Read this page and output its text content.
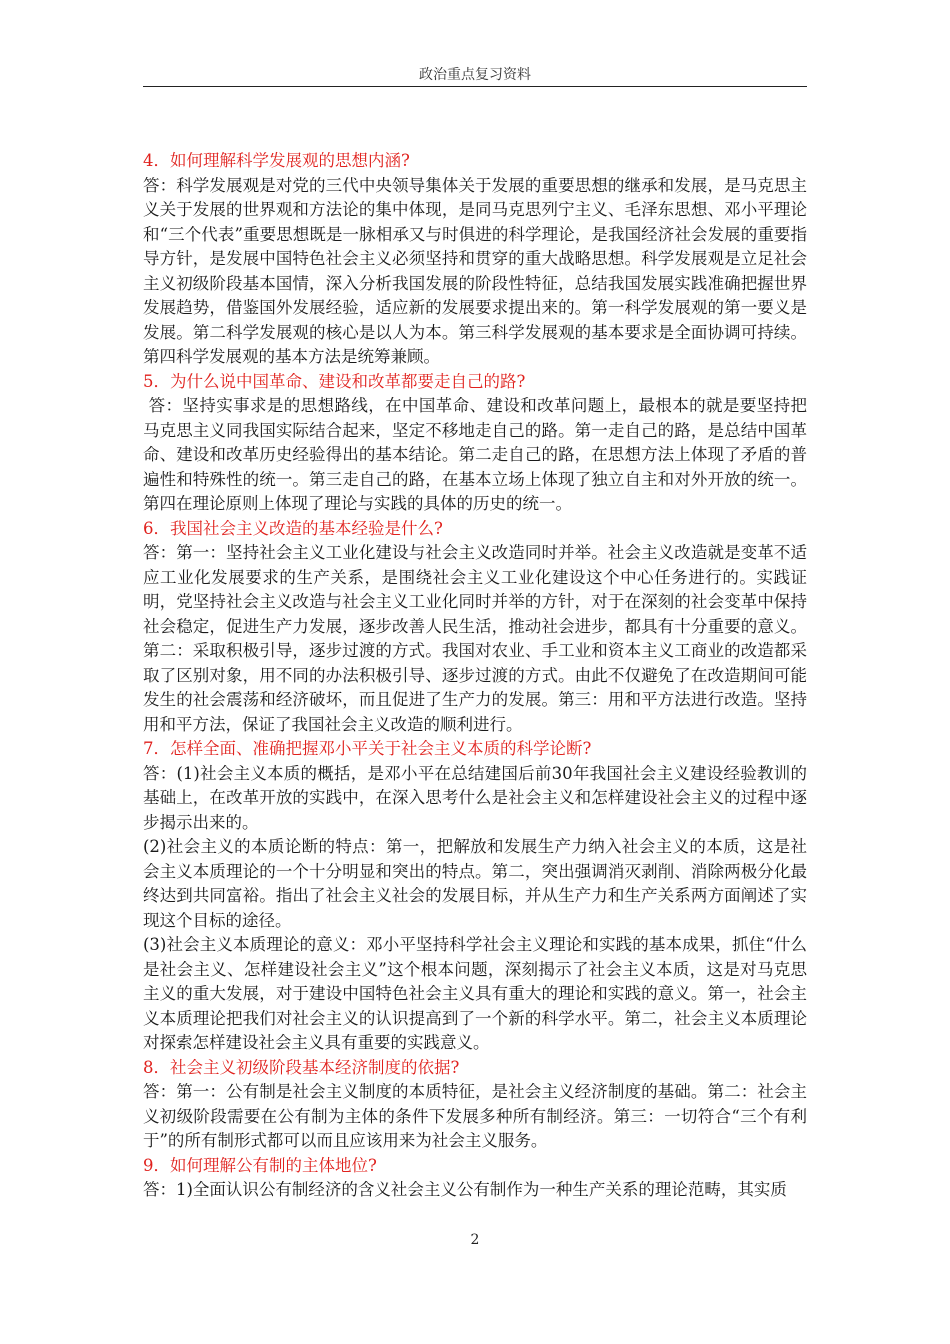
政治重点复习资料

4．如何理解科学发展观的思想内涵?

答：科学发展观是对党的三代中央领导集体关于发展的重要思想的继承和发展，是马克思主义关于发展的世界观和方法论的集中体现，是同马克思列宁主义、毛泽东思想、邓小平理论和“三个代表”重要思想既是一脉相承又与时俱进的科学理论，是我国经济社会发展的重要指导方针，是发展中国特色社会主义必须坚持和贯穿的重大战略思想。科学发展观是立足社会主义初级阶段基本国情，深入分析我国发展的阶段性特征，总结我国发展实践准确把握世界发展趋势，借鉴国外发展经验，适应新的发展要求提出来的。第一科学发展观的第一要义是发展。第二科学发展观的核心是以人为本。第三科学发展观的基本要求是全面协调可持续。第四科学发展观的基本方法是统筹兼顾。

5．为什么说中国革命、建设和改革都要走自己的路?

答：坚持实事求是的思想路线，在中国革命、建设和改革问题上，最根本的就是要坚持把马克思主义同我国实际结合起来，坚定不移地走自己的路。第一走自己的路，是总结中国革命、建设和改革历史经验得出的基本结论。第二走自己的路，在思想方法上体现了矛盾的普遍性和特殊性的统一。第三走自己的路，在基本立场上体现了独立自主和对外开放的统一。第四在理论原则上体现了理论与实践的具体的历史的统一。

6．我国社会主义改造的基本经验是什么?

答：第一：坚持社会主义工业化建设与社会主义改造同时并举。社会主义改造就是变革不适应工业化发展要求的生产关系，是围绕社会主义工业化建设这个中心任务进行的。实践证明，党坚持社会主义改造与社会主义工业化同时并举的方针，对于在深刻的社会变革中保持社会稳定，促进生产力发展，逐步改善人民生活，推动社会进步，都具有十分重要的意义。第二：采取积极引导，逐步过渡的方式。我国对农业、手工业和资本主义工商业的改造都采取了区别对象，用不同的办法积极引导、逐步过渡的方式。由此不仅避免了在改造期间可能发生的社会震荡和经济破坏，而且促进了生产力的发展。第三：用和平方法进行改造。坚持用和平方法，保证了我国社会主义改造的顺利进行。

7．怎样全面、准确把握邓小平关于社会主义本质的科学论断?

答：(1)社会主义本质的概括，是邓小平在总结建国后前30年我国社会主义建设经验教训的基础上，在改革开放的实践中，在深入思考什么是社会主义和怎样建设社会主义的过程中逐步揭示出来的。

(2)社会主义的本质论断的特点：第一，把解放和发展生产力纳入社会主义的本质，这是社会主义本质理论的一个十分明显和突出的特点。第二，突出强调消灭剥削、消除两极分化最终达到共同富裕。指出了社会主义社会的发展目标，并从生产力和生产关系两方面阐述了实现这个目标的途径。

(3)社会主义本质理论的意义：邓小平坚持科学社会主义理论和实践的基本成果，抓住“什么是社会主义、怎样建设社会主义”这个根本问题，深刻揭示了社会主义本质，这是对马克思主义的重大发展，对于建设中国特色社会主义具有重大的理论和实践的意义。第一，社会主义本质理论把我们对社会主义的认识提高到了一个新的科学水平。第二，社会主义本质理论对探索怎样建设社会主义具有重要的实践意义。

8．社会主义初级阶段基本经济制度的依据?

答：第一：公有制是社会主义制度的本质特征，是社会主义经济制度的基础。第二：社会主义初级阶段需要在公有制为主体的条件下发展多种所有制经济。第三：一切符合“三个有利于”的所有制形式都可以而且应该用来为社会主义服务。

9．如何理解公有制的主体地位?

答：1)全面认识公有制经济的含义社会主义公有制作为一种生产关系的理论范畴，其实质

2
